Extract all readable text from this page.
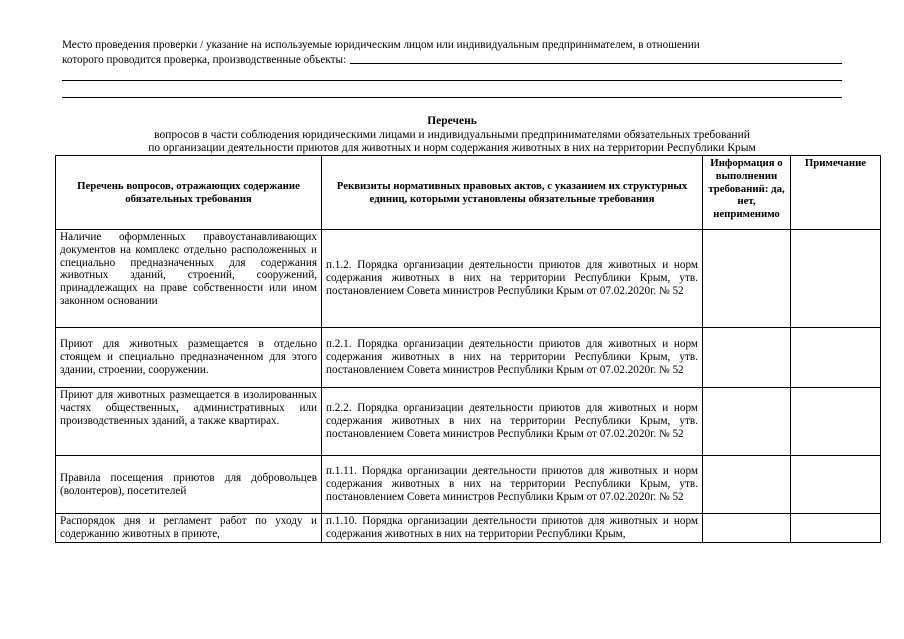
Место проведения проверки / указание на используемые юридическим лицом или индивидуальным предпринимателем, в отношении
которого проводится проверка, производственные объекты:
Перечень
вопросов в части соблюдения юридическими лицами и индивидуальными предпринимателями обязательных требований
по организации деятельности приютов для животных и норм содержания животных в них на территории Республики Крым
Перечень вопросов, отражающих содержание обязательных требования	Реквизиты нормативных правовых актов, с указанием их структурных единиц, которыми установлены обязательные требования	Информация о выполнении требований: да, нет, неприменимо	Примечание
Наличие оформленных правоустанавливающих документов на комплекс отдельно расположенных и специально предназначенных для содержания животных зданий, строений, сооружений, принадлежащих на праве собственности или ином законном основании	п.1.2. Порядка организации деятельности приютов для животных и норм содержания животных в них на территории Республики Крым, утв. постановлением Совета министров Республики Крым от 07.02.2020г. № 52		
Приют для животных размещается в отдельно стоящем и специально предназначенном для этого здании, строении, сооружении.	п.2.1. Порядка организации деятельности приютов для животных и норм содержания животных в них на территории Республики Крым, утв. постановлением Совета министров Республики Крым от 07.02.2020г. № 52		
Приют для животных размещается в изолированных частях общественных, административных или производственных зданий, а также квартирах.	п.2.2. Порядка организации деятельности приютов для животных и норм содержания животных в них на территории Республики Крым, утв. постановлением Совета министров Республики Крым от 07.02.2020г. № 52		
Правила посещения приютов для добровольцев (волонтеров), посетителей	п.1.11. Порядка организации деятельности приютов для животных и норм содержания животных в них на территории Республики Крым, утв. постановлением Совета министров Республики Крым от 07.02.2020г. № 52		
Распорядок дня и регламент работ по уходу и содержанию животных в приюте,	п.1.10. Порядка организации деятельности приютов для животных и норм содержания животных в них на территории Республики Крым,		
